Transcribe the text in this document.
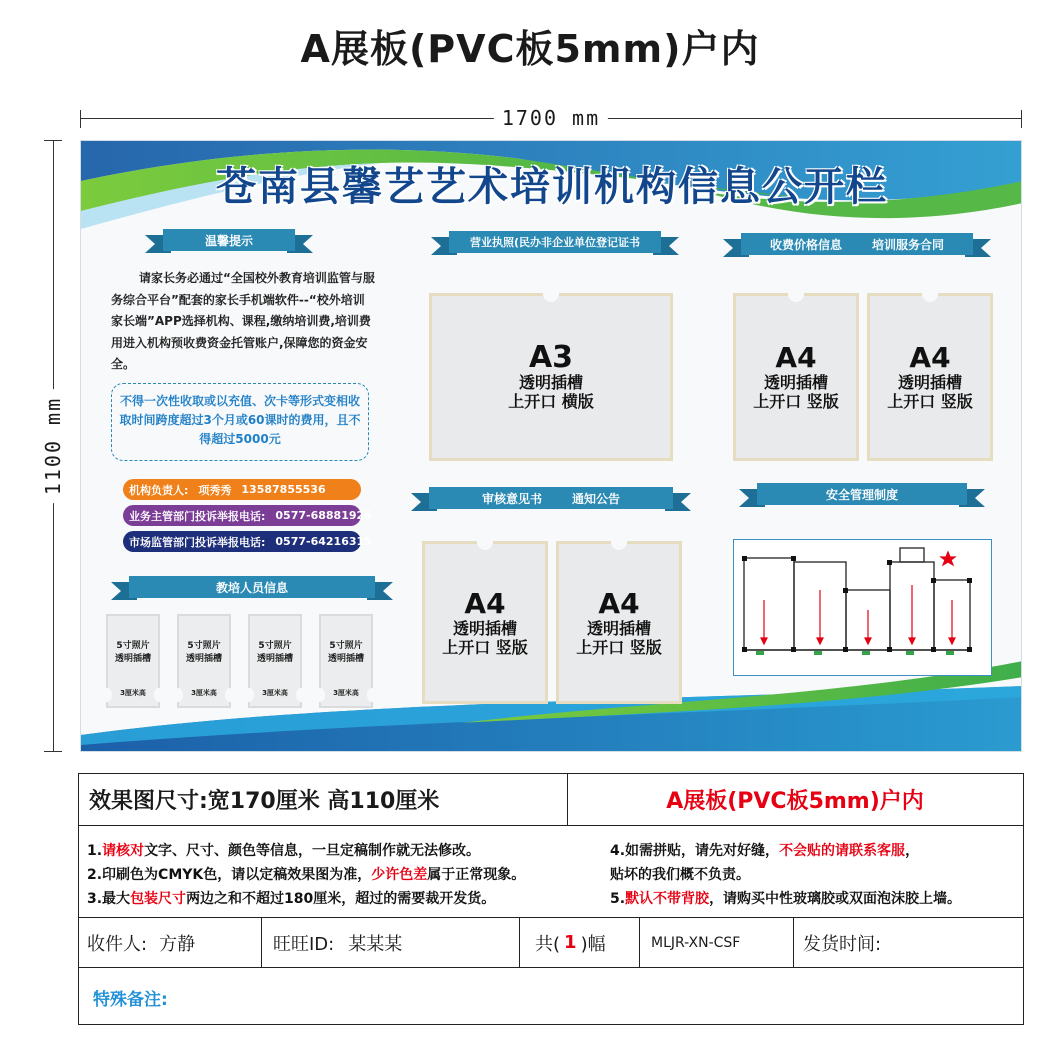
A展板(PVC板5mm)户内
1700 mm
1100 mm
苍南县馨艺艺术培训机构信息公开栏
温馨提示
请家长务必通过“全国校外教育培训监管与服务综合平台”配套的家长手机端软件--“校外培训家长端”APP选择机构、课程,缴纳培训费,培训费用进入机构预收费资金托管账户,保障您的资金安全。
不得一次性收取或以充值、次卡等形式变相收取时间跨度超过3个月或60课时的费用，且不得超过5000元
机构负责人: 项秀秀 13587855536
业务主管部门投诉举报电话: 0577-68881926
市场监管部门投诉举报电话: 0577-64216315
教培人员信息
5寸照片
透明插槽
3厘米高
5寸照片
透明插槽
3厘米高
5寸照片
透明插槽
3厘米高
5寸照片
透明插槽
3厘米高
营业执照(民办非企业单位登记证书
A3
透明插槽
上开口 横版
收费价格信息	培训服务合同
A4
透明插槽
上开口 竖版
A4
透明插槽
上开口 竖版
审核意见书	通知公告
A4
透明插槽
上开口 竖版
A4
透明插槽
上开口 竖版
安全管理制度
效果图尺寸:宽170厘米 高110厘米	A展板(PVC板5mm)户内
1.请核对文字、尺寸、颜色等信息，一旦定稿制作就无法修改。
2.印刷色为CMYK色，请以定稿效果图为准，少许色差属于正常现象。
3.最大包装尺寸两边之和不超过180厘米，超过的需要裁开发货。
4.如需拼贴，请先对好缝，不会贴的请联系客服，
贴坏的我们概不负责。
5.默认不带背胶，请购买中性玻璃胶或双面泡沫胶上墙。
收件人: 方静	旺旺ID: 某某某	共( 1 )幅	MLJR-XN-CSF	发货时间:
特殊备注:
